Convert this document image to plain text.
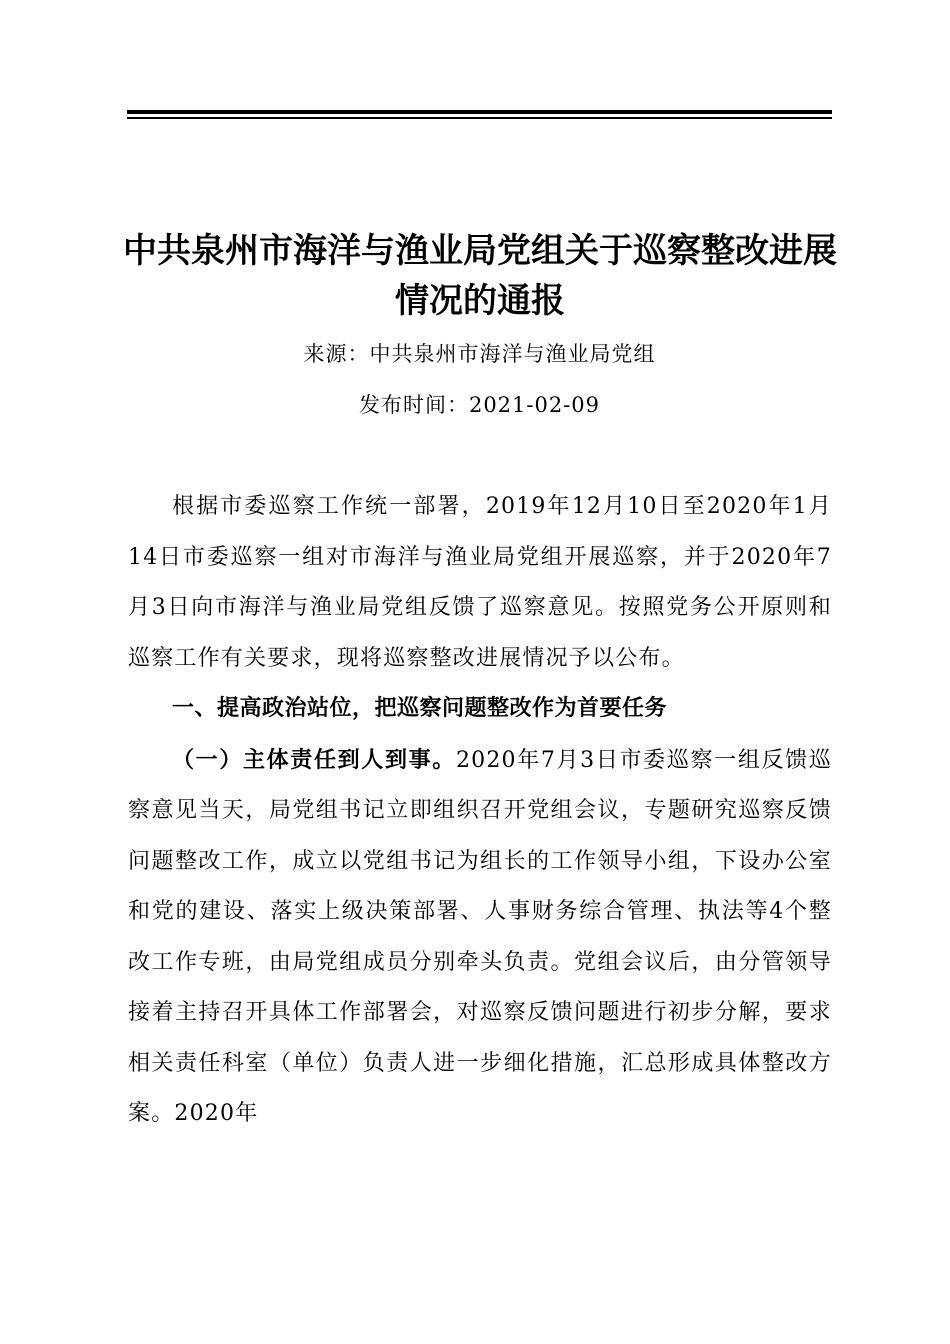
中共泉州市海洋与渔业局党组关于巡察整改进展情况的通报
来源：中共泉州市海洋与渔业局党组
发布时间：2021-02-09

根据市委巡察工作统一部署，2019年12月10日至2020年1月14日市委巡察一组对市海洋与渔业局党组开展巡察，并于2020年7月3日向市海洋与渔业局党组反馈了巡察意见。按照党务公开原则和巡察工作有关要求，现将巡察整改进展情况予以公布。

一、提高政治站位，把巡察问题整改作为首要任务

（一）主体责任到人到事。2020年7月3日市委巡察一组反馈巡察意见当天，局党组书记立即组织召开党组会议，专题研究巡察反馈问题整改工作，成立以党组书记为组长的工作领导小组，下设办公室和党的建设、落实上级决策部署、人事财务综合管理、执法等4个整改工作专班，由局党组成员分别牵头负责。党组会议后，由分管领导接着主持召开具体工作部署会，对巡察反馈问题进行初步分解，要求相关责任科室（单位）负责人进一步细化措施，汇总形成具体整改方案。2020年
